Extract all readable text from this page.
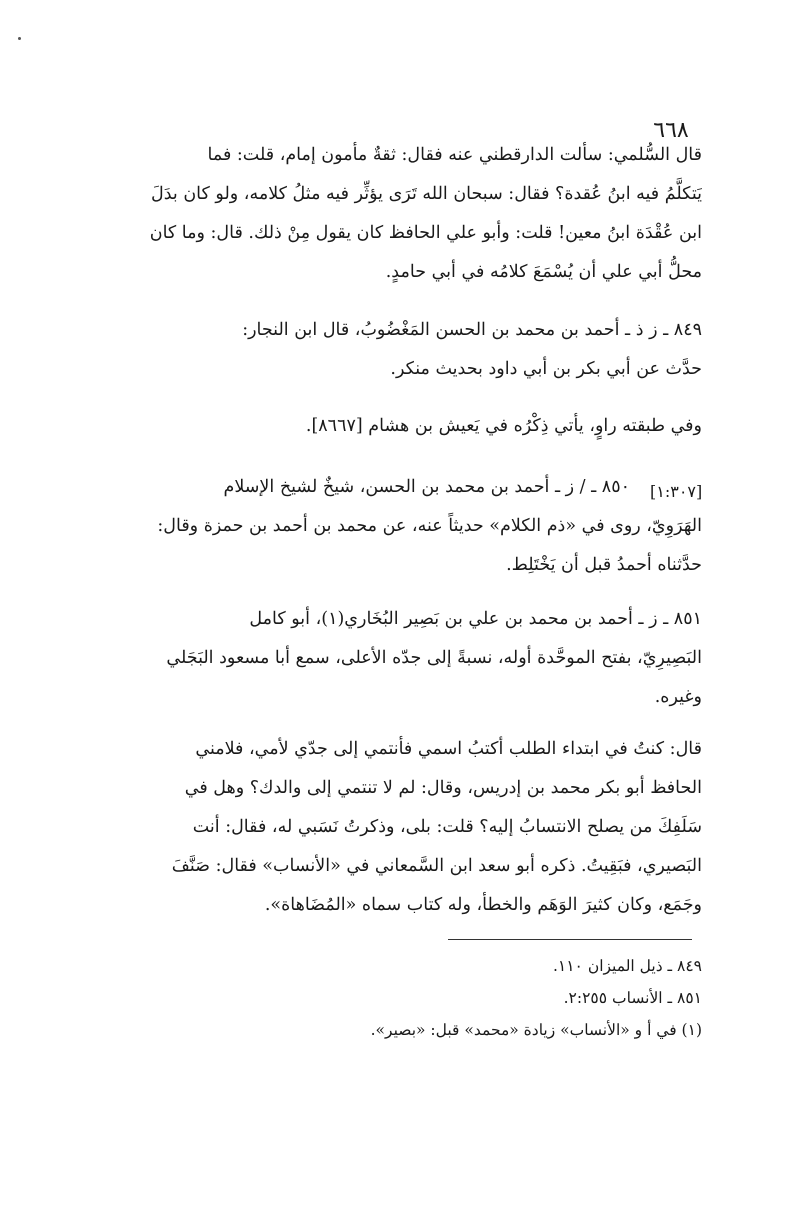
٦٦٨
قال السُّلمي: سألت الدارقطني عنه فقال: ثقةٌ مأمون إمام، قلت: فما
يَتكلَّمُ فيه ابنُ عُقدة؟ فقال: سبحان الله تَرَى يؤثِّر فيه مثلُ كلامه، ولو كان بدَلَ
ابن عُقْدَة ابنُ معين! قلت: وأبو علي الحافظ كان يقول مِنْ ذلك. قال: وما كان
محلُّ أبي علي أن يُسْمَعَ كلامُه في أبي حامدٍ.
٨٤٩ ـ ز ذ ـ أحمد بن محمد بن الحسن المَغْضُوبُ، قال ابن النجار:
حدَّث عن أبي بكر بن أبي داود بحديث منكر.
وفي طبقته راوٍ، يأتي ذِكْرُه في يَعيش بن هشام [٨٦٦٧].
[١:٣٠٧]
٨٥٠ ـ / ز ـ أحمد بن محمد بن الحسن، شيخٌ لشيخ الإسلام
الهَرَوِيّ، روى في «ذم الكلام» حديثاً عنه، عن محمد بن أحمد بن حمزة وقال:
حدَّثناه أحمدُ قبل أن يَخْتَلِط.
٨٥١ ـ ز ـ أحمد بن محمد بن علي بن بَصِير البُخَاري(١)، أبو كامل
البَصِيرِيّ، بفتح الموحَّدة أوله، نسبةً إلى جدّه الأعلى، سمع أبا مسعود البَجَلي
وغيره.
قال: كنتُ في ابتداء الطلب أكتبُ اسمي فأنتمي إلى جدّي لأمي، فلامني
الحافظ أبو بكر محمد بن إدريس، وقال: لم لا تنتمي إلى والدك؟ وهل في
سَلَفِكَ من يصلح الانتسابُ إليه؟ قلت: بلى، وذكرتُ نَسَبي له، فقال: أنت
البَصيري، فبَقِيتُ. ذكره أبو سعد ابن السَّمعاني في «الأنساب» فقال: صَنَّفَ
وجَمَع، وكان كثيرَ الوَهَم والخطأ، وله كتاب سماه «المُضَاهاة».
٨٤٩ ـ ذيل الميزان ١١٠.
٨٥١ ـ الأنساب ٢:٢٥٥.
(١) في أ و «الأنساب» زيادة «محمد» قبل: «بصير».
